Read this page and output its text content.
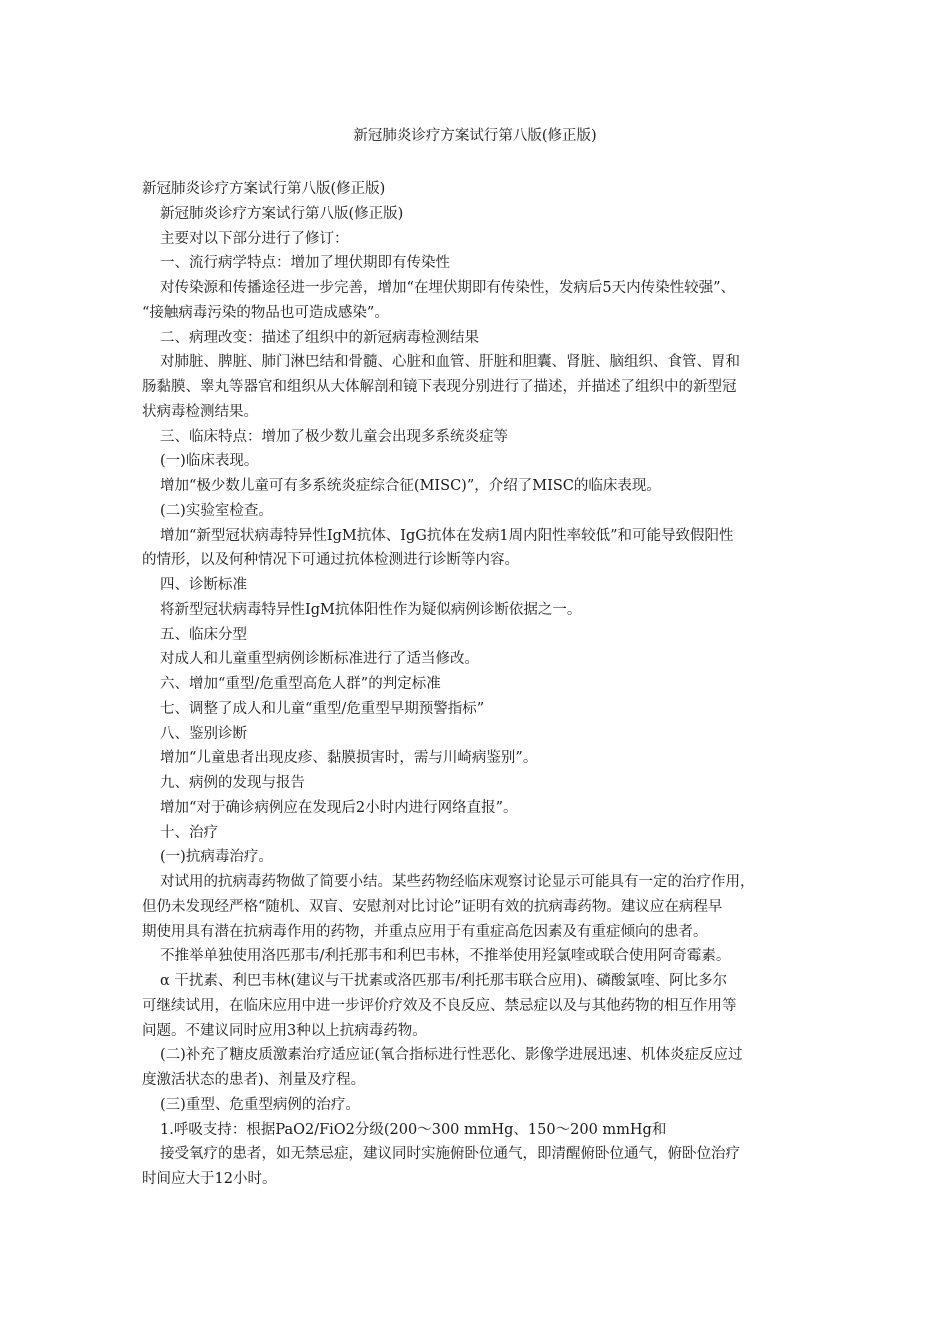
新冠肺炎诊疗方案试行第八版(修正版)
新冠肺炎诊疗方案试行第八版(修正版)
新冠肺炎诊疗方案试行第八版(修正版)
主要对以下部分进行了修订：
一、流行病学特点：增加了埋伏期即有传染性
对传染源和传播途径进一步完善，增加“在埋伏期即有传染性，发病后5天内传染性较强”、
“接触病毒污染的物品也可造成感染”。
二、病理改变：描述了组织中的新冠病毒检测结果
对肺脏、脾脏、肺门淋巴结和骨髓、心脏和血管、肝脏和胆囊、肾脏、脑组织、食管、胃和
肠黏膜、睾丸等器官和组织从大体解剖和镜下表现分别进行了描述，并描述了组织中的新型冠
状病毒检测结果。
三、临床特点：增加了极少数儿童会出现多系统炎症等
(一)临床表现。
增加“极少数儿童可有多系统炎症综合征(MISC)”，介绍了MISC的临床表现。
(二)实验室检查。
增加“新型冠状病毒特异性IgM抗体、IgG抗体在发病1周内阳性率较低”和可能导致假阳性
的情形，以及何种情况下可通过抗体检测进行诊断等内容。
四、诊断标准
将新型冠状病毒特异性IgM抗体阳性作为疑似病例诊断依据之一。
五、临床分型
对成人和儿童重型病例诊断标准进行了适当修改。
六、增加“重型/危重型高危人群”的判定标准
七、调整了成人和儿童“重型/危重型早期预警指标”
八、鉴别诊断
增加“儿童患者出现皮疹、黏膜损害时，需与川崎病鉴别”。
九、病例的发现与报告
增加“对于确诊病例应在发现后2小时内进行网络直报”。
十、治疗
(一)抗病毒治疗。
对试用的抗病毒药物做了简要小结。某些药物经临床观察讨论显示可能具有一定的治疗作用，
但仍未发现经严格“随机、双盲、安慰剂对比讨论”证明有效的抗病毒药物。建议应在病程早
期使用具有潜在抗病毒作用的药物，并重点应用于有重症高危因素及有重症倾向的患者。
不推举单独使用洛匹那韦/利托那韦和利巴韦林，不推举使用羟氯喹或联合使用阿奇霉素。
α 干扰素、利巴韦林(建议与干扰素或洛匹那韦/利托那韦联合应用)、磷酸氯喹、阿比多尔
可继续试用，在临床应用中进一步评价疗效及不良反应、禁忌症以及与其他药物的相互作用等
问题。不建议同时应用3种以上抗病毒药物。
(二)补充了糖皮质激素治疗适应证(氧合指标进行性恶化、影像学进展迅速、机体炎症反应过
度激活状态的患者)、剂量及疗程。
(三)重型、危重型病例的治疗。
1.呼吸支持：根据PaO2/FiO2分级(200～300 mmHg、150～200 mmHg和
接受氧疗的患者，如无禁忌症，建议同时实施俯卧位通气，即清醒俯卧位通气，俯卧位治疗
时间应大于12小时。
